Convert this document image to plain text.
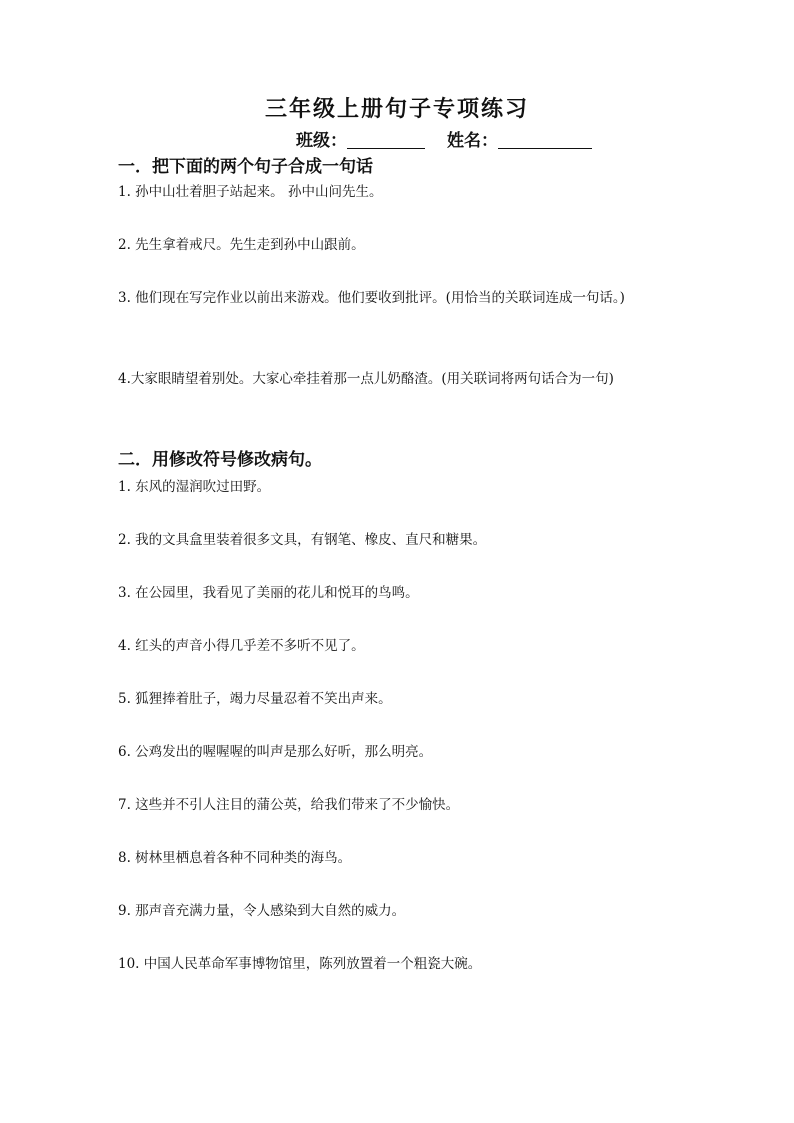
三年级上册句子专项练习
班级：	姓名：
一．把下面的两个句子合成一句话
1. 孙中山壮着胆子站起来。 孙中山问先生。
2. 先生拿着戒尺。先生走到孙中山跟前。
3. 他们现在写完作业以前出来游戏。他们要收到批评。(用恰当的关联词连成一句话。)
4.大家眼睛望着别处。大家心牵挂着那一点儿奶酪渣。(用关联词将两句话合为一句)
二．用修改符号修改病句。
1. 东风的湿润吹过田野。
2. 我的文具盒里装着很多文具，有钢笔、橡皮、直尺和糖果。
3. 在公园里，我看见了美丽的花儿和悦耳的鸟鸣。
4. 红头的声音小得几乎差不多听不见了。
5. 狐狸捧着肚子，竭力尽量忍着不笑出声来。
6. 公鸡发出的喔喔喔的叫声是那么好听，那么明亮。
7. 这些并不引人注目的蒲公英，给我们带来了不少愉快。
8. 树林里栖息着各种不同种类的海鸟。
9. 那声音充满力量，令人感染到大自然的威力。
10. 中国人民革命军事博物馆里，陈列放置着一个粗瓷大碗。
